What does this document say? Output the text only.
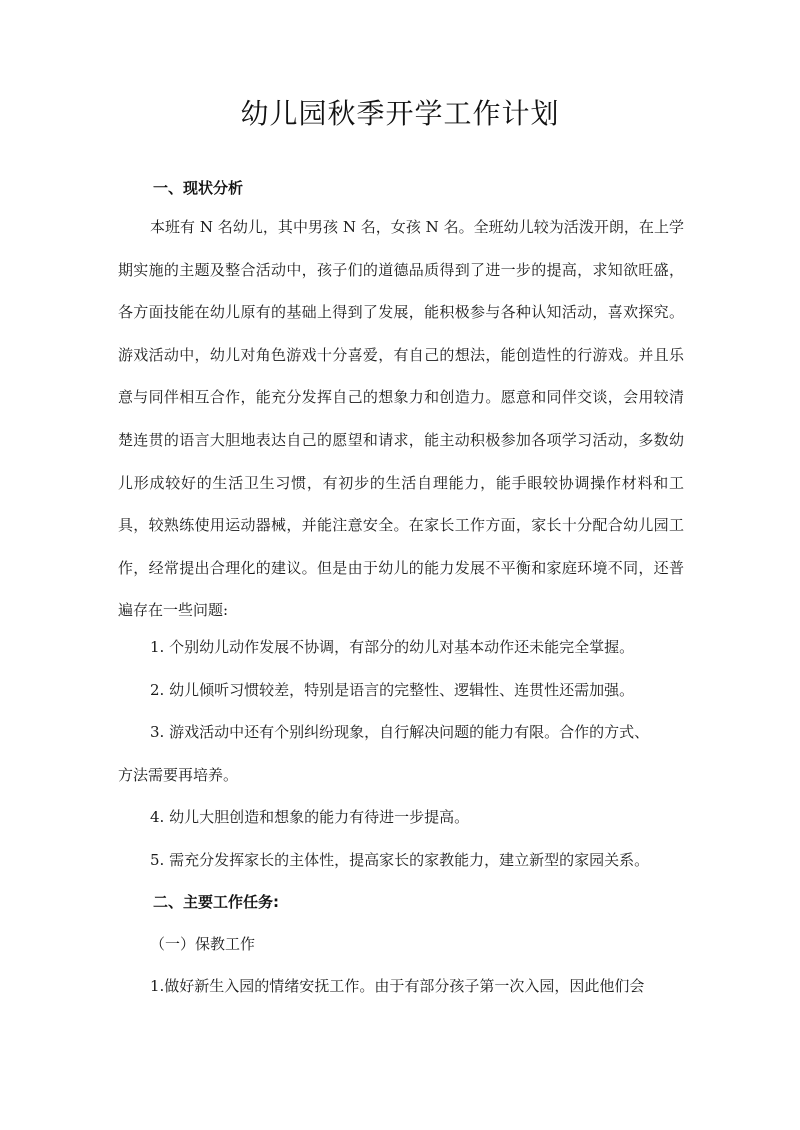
幼儿园秋季开学工作计划
一、现状分析

本班有 N 名幼儿，其中男孩 N 名，女孩 N 名。全班幼儿较为活泼开朗，在上学期实施的主题及整合活动中，孩子们的道德品质得到了进一步的提高，求知欲旺盛，各方面技能在幼儿原有的基础上得到了发展，能积极参与各种认知活动，喜欢探究。游戏活动中，幼儿对角色游戏十分喜爱，有自己的想法，能创造性的行游戏。并且乐意与同伴相互合作，能充分发挥自己的想象力和创造力。愿意和同伴交谈，会用较清楚连贯的语言大胆地表达自己的愿望和请求，能主动积极参加各项学习活动，多数幼儿形成较好的生活卫生习惯，有初步的生活自理能力，能手眼较协调操作材料和工具，较熟练使用运动器械，并能注意安全。在家长工作方面，家长十分配合幼儿园工作，经常提出合理化的建议。但是由于幼儿的能力发展不平衡和家庭环境不同，还普遍存在一些问题:

1. 个别幼儿动作发展不协调，有部分的幼儿对基本动作还未能完全掌握。
2. 幼儿倾听习惯较差，特别是语言的完整性、逻辑性、连贯性还需加强。
3. 游戏活动中还有个别纠纷现象，自行解决问题的能力有限。合作的方式、
方法需要再培养。
4. 幼儿大胆创造和想象的能力有待进一步提高。
5. 需充分发挥家长的主体性，提高家长的家教能力，建立新型的家园关系。
二、主要工作任务:
（一）保教工作
1.做好新生入园的情绪安抚工作。由于有部分孩子第一次入园，因此他们会
